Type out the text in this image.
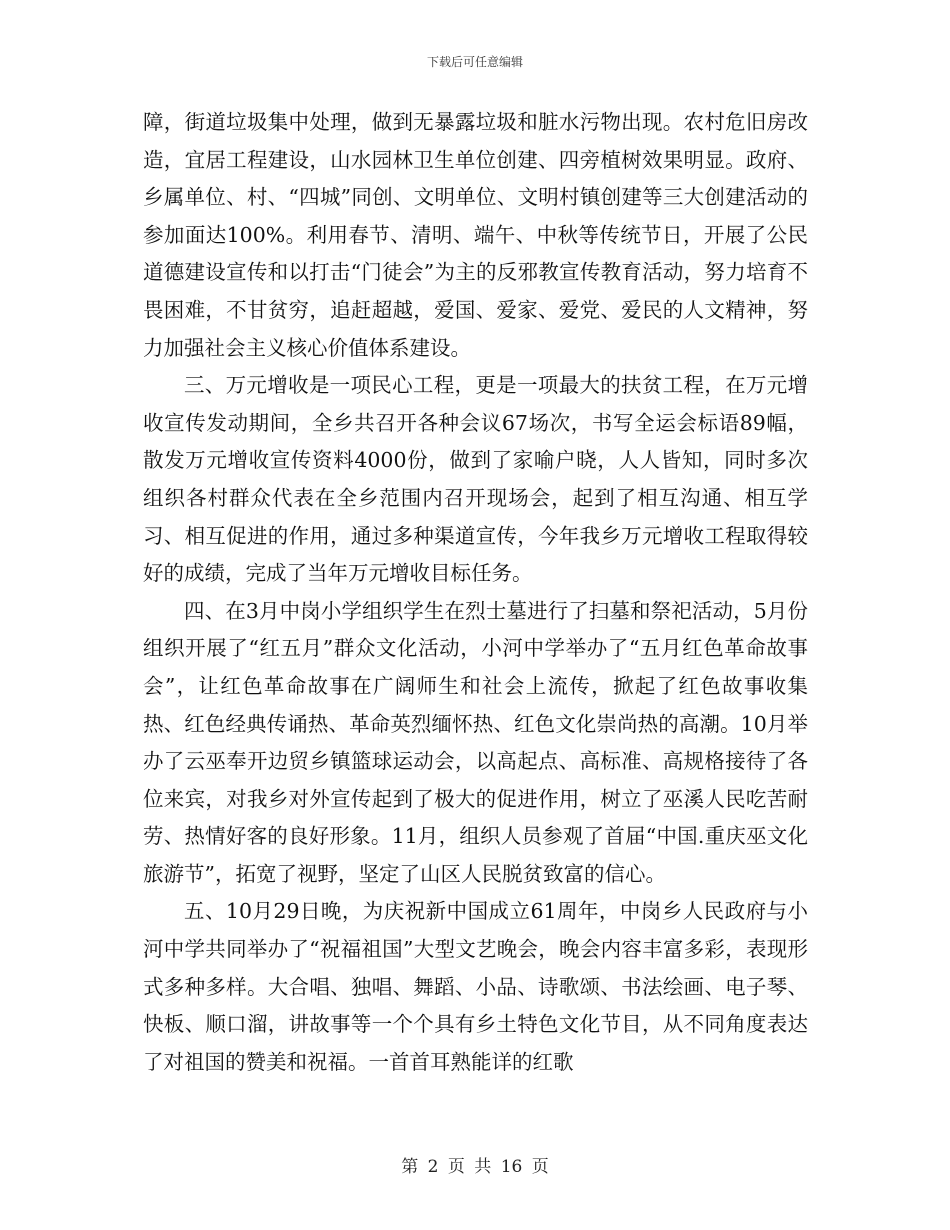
下载后可任意编辑

障，街道垃圾集中处理，做到无暴露垃圾和脏水污物出现。农村危旧房改造，宜居工程建设，山水园林卫生单位创建、四旁植树效果明显。政府、乡属单位、村、“四城”同创、文明单位、文明村镇创建等三大创建活动的参加面达100%。利用春节、清明、端午、中秋等传统节日，开展了公民道德建设宣传和以打击“门徒会”为主的反邪教宣传教育活动，努力培育不畏困难，不甘贫穷，追赶超越，爱国、爱家、爱党、爱民的人文精神，努力加强社会主义核心价值体系建设。

三、万元增收是一项民心工程，更是一项最大的扶贫工程，在万元增收宣传发动期间，全乡共召开各种会议67场次，书写全运会标语89幅，散发万元增收宣传资料4000份，做到了家喻户晓，人人皆知，同时多次组织各村群众代表在全乡范围内召开现场会，起到了相互沟通、相互学习、相互促进的作用，通过多种渠道宣传，今年我乡万元增收工程取得较好的成绩，完成了当年万元增收目标任务。

四、在3月中岗小学组织学生在烈士墓进行了扫墓和祭祀活动，5月份组织开展了“红五月”群众文化活动，小河中学举办了“五月红色革命故事会”，让红色革命故事在广阔师生和社会上流传，掀起了红色故事收集热、红色经典传诵热、革命英烈缅怀热、红色文化崇尚热的高潮。10月举办了云巫奉开边贸乡镇篮球运动会，以高起点、高标准、高规格接待了各位来宾，对我乡对外宣传起到了极大的促进作用，树立了巫溪人民吃苦耐劳、热情好客的良好形象。11月，组织人员参观了首届“中国.重庆巫文化旅游节”，拓宽了视野，坚定了山区人民脱贫致富的信心。

五、10月29日晚，为庆祝新中国成立61周年，中岗乡人民政府与小河中学共同举办了“祝福祖国”大型文艺晚会，晚会内容丰富多彩，表现形式多种多样。大合唱、独唱、舞蹈、小品、诗歌颂、书法绘画、电子琴、快板、顺口溜，讲故事等一个个具有乡土特色文化节目，从不同角度表达了对祖国的赞美和祝福。一首首耳熟能详的红歌

第 2 页 共 16 页
